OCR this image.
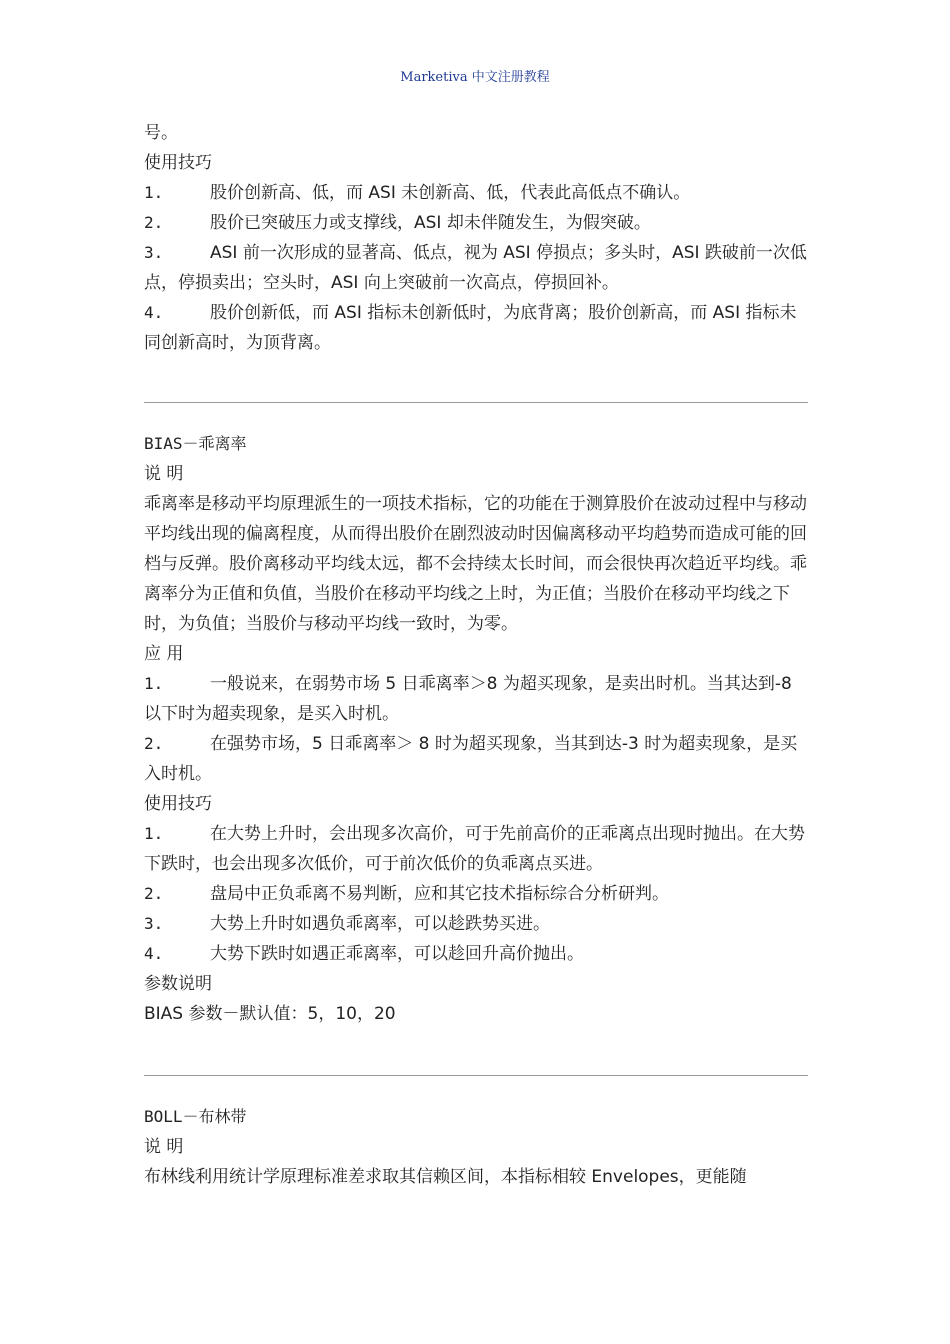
Marketiva 中文注册教程

号。

使用技巧

1.	股价创新高、低，而 ASI 未创新高、低，代表此高低点不确认。

2.	股价已突破压力或支撑线，ASI 却未伴随发生，为假突破。

3.	ASI 前一次形成的显著高、低点，视为 ASI 停损点；多头时，ASI 跌破前一次低点，停损卖出；空头时，ASI 向上突破前一次高点，停损回补。

4.	股价创新低，而 ASI 指标未创新低时，为底背离；股价创新高，而 ASI 指标未同创新高时，为顶背离。

BIAS－乖离率

说 明

乖离率是移动平均原理派生的一项技术指标，它的功能在于测算股价在波动过程中与移动平均线出现的偏离程度，从而得出股价在剧烈波动时因偏离移动平均趋势而造成可能的回档与反弹。股价离移动平均线太远，都不会持续太长时间，而会很快再次趋近平均线。乖离率分为正值和负值，当股价在移动平均线之上时，为正值；当股价在移动平均线之下时，为负值；当股价与移动平均线一致时，为零。

应 用

1.	一般说来，在弱势市场 5 日乖离率＞8 为超买现象，是卖出时机。当其达到-8 以下时为超卖现象，是买入时机。

2.	在强势市场，5 日乖离率＞ 8 时为超买现象，当其到达-3 时为超卖现象，是买入时机。

使用技巧

1.	在大势上升时，会出现多次高价，可于先前高价的正乖离点出现时抛出。在大势下跌时，也会出现多次低价，可于前次低价的负乖离点买进。

2.	盘局中正负乖离不易判断，应和其它技术指标综合分析研判。

3.	大势上升时如遇负乖离率，可以趁跌势买进。

4.	大势下跌时如遇正乖离率，可以趁回升高价抛出。

参数说明

BIAS 参数－默认值：5，10，20

BOLL－布林带

说 明

布林线利用统计学原理标准差求取其信赖区间，本指标相较 Envelopes，更能随
